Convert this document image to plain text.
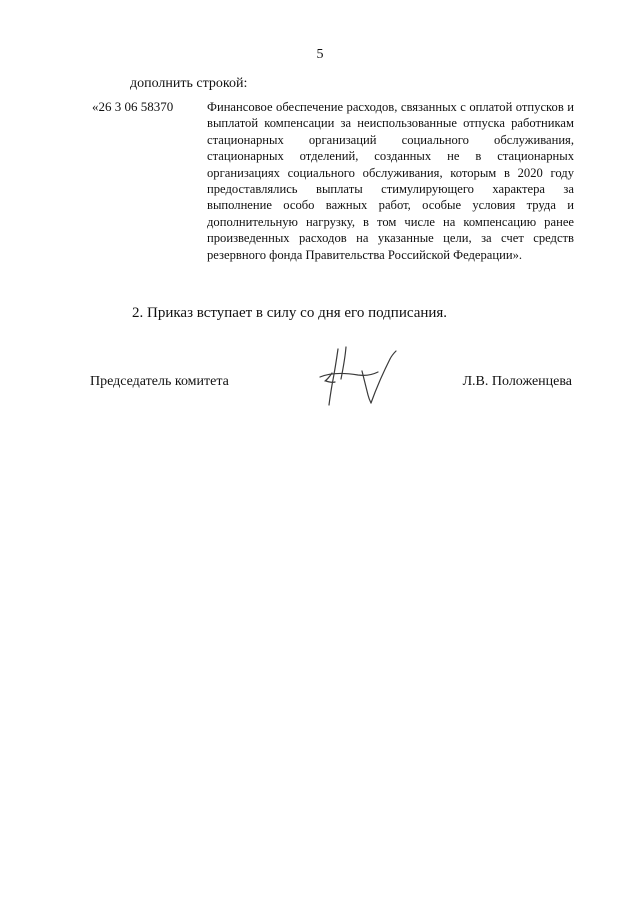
5
дополнить строкой:
«26 3 06 58370	Финансовое обеспечение расходов, связанных с оплатой отпусков и выплатой компенсации за неиспользованные отпуска работникам стационарных организаций социального обслуживания, стационарных отделений, созданных не в стационарных организациях социального обслуживания, которым в 2020 году предоставлялись выплаты стимулирующего характера за выполнение особо важных работ, особые условия труда и дополнительную нагрузку, в том числе на компенсацию ранее произведенных расходов на указанные цели, за счет средств резервного фонда Правительства Российской Федерации».
2. Приказ вступает в силу со дня его подписания.
Председатель комитета	Л.В. Положенцева
